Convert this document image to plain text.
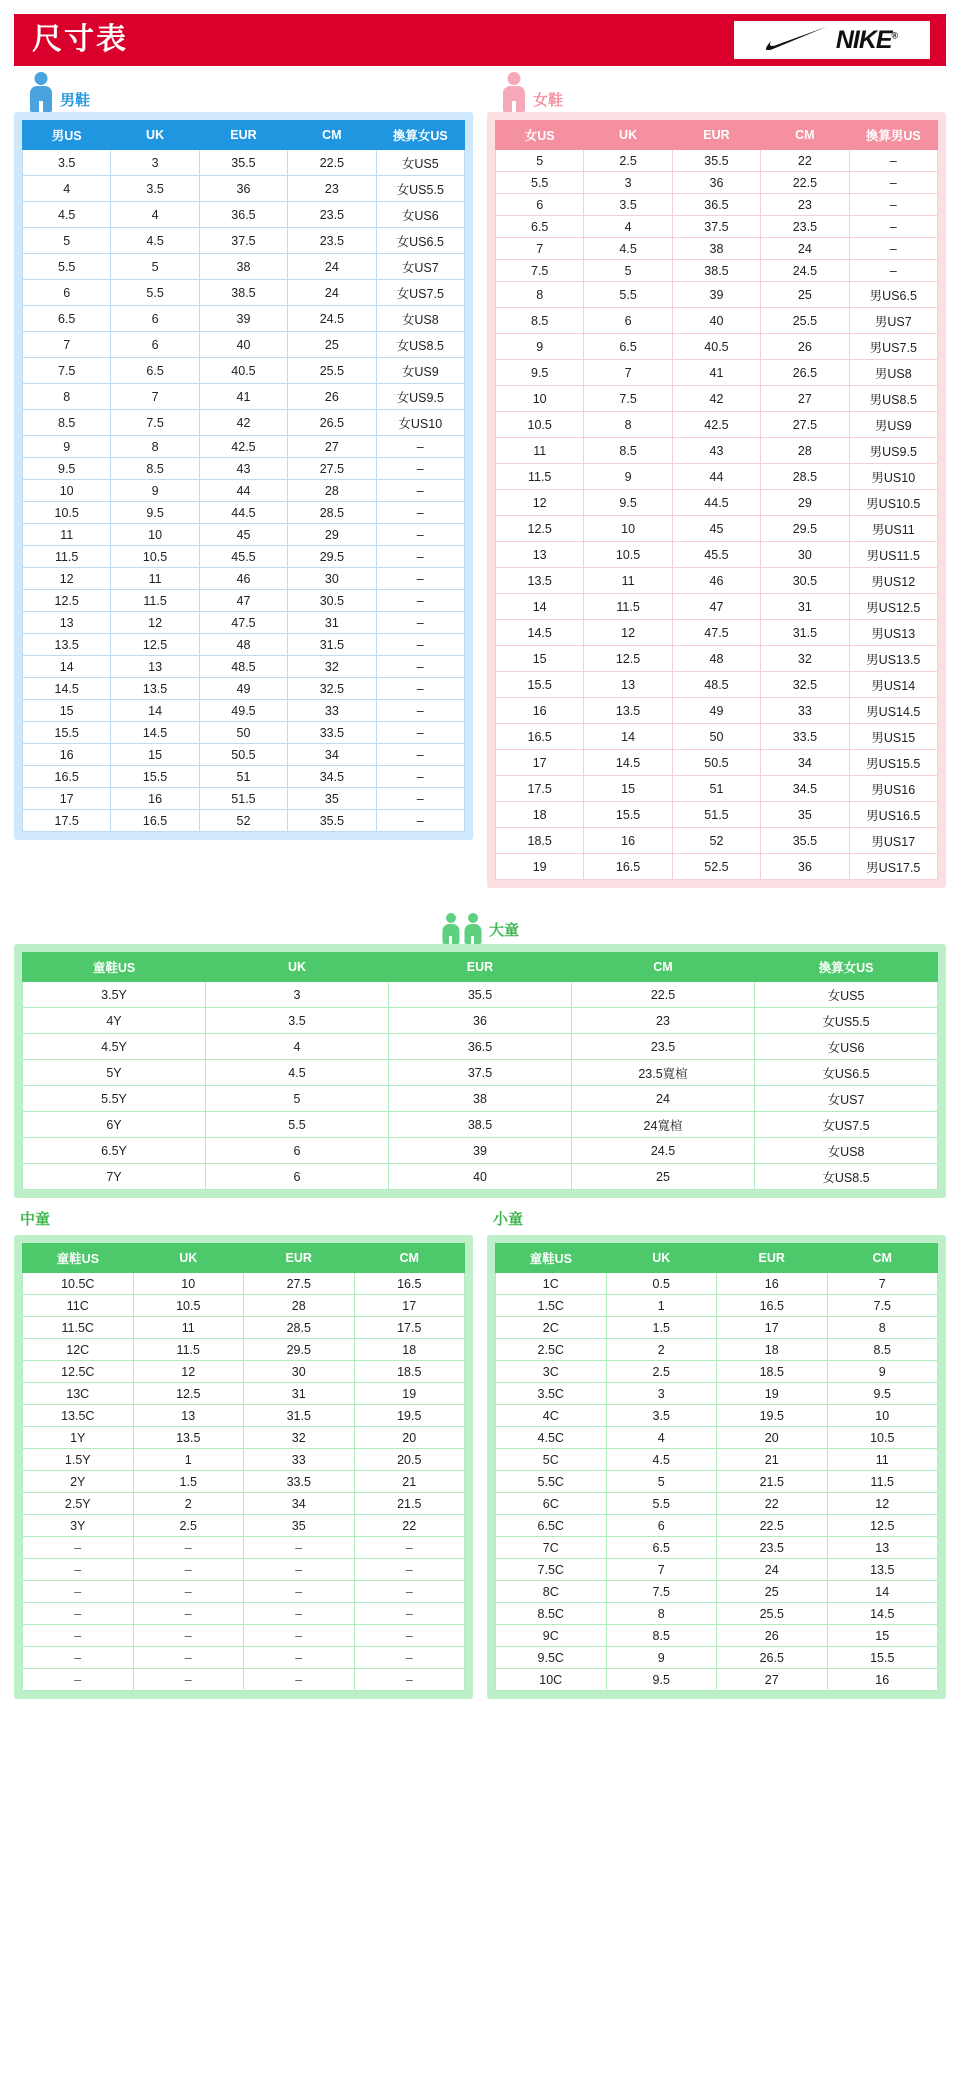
尺寸表	NIKE®
男鞋
男US	UK	EUR	CM	換算女US
3.5	3	35.5	22.5	女US5
4	3.5	36	23	女US5.5
4.5	4	36.5	23.5	女US6
5	4.5	37.5	23.5	女US6.5
5.5	5	38	24	女US7
6	5.5	38.5	24	女US7.5
6.5	6	39	24.5	女US8
7	6	40	25	女US8.5
7.5	6.5	40.5	25.5	女US9
8	7	41	26	女US9.5
8.5	7.5	42	26.5	女US10
9	8	42.5	27	–
9.5	8.5	43	27.5	–
10	9	44	28	–
10.5	9.5	44.5	28.5	–
11	10	45	29	–
11.5	10.5	45.5	29.5	–
12	11	46	30	–
12.5	11.5	47	30.5	–
13	12	47.5	31	–
13.5	12.5	48	31.5	–
14	13	48.5	32	–
14.5	13.5	49	32.5	–
15	14	49.5	33	–
15.5	14.5	50	33.5	–
16	15	50.5	34	–
16.5	15.5	51	34.5	–
17	16	51.5	35	–
17.5	16.5	52	35.5	–
女鞋
女US	UK	EUR	CM	換算男US
5	2.5	35.5	22	–
5.5	3	36	22.5	–
6	3.5	36.5	23	–
6.5	4	37.5	23.5	–
7	4.5	38	24	–
7.5	5	38.5	24.5	–
8	5.5	39	25	男US6.5
8.5	6	40	25.5	男US7
9	6.5	40.5	26	男US7.5
9.5	7	41	26.5	男US8
10	7.5	42	27	男US8.5
10.5	8	42.5	27.5	男US9
11	8.5	43	28	男US9.5
11.5	9	44	28.5	男US10
12	9.5	44.5	29	男US10.5
12.5	10	45	29.5	男US11
13	10.5	45.5	30	男US11.5
13.5	11	46	30.5	男US12
14	11.5	47	31	男US12.5
14.5	12	47.5	31.5	男US13
15	12.5	48	32	男US13.5
15.5	13	48.5	32.5	男US14
16	13.5	49	33	男US14.5
16.5	14	50	33.5	男US15
17	14.5	50.5	34	男US15.5
17.5	15	51	34.5	男US16
18	15.5	51.5	35	男US16.5
18.5	16	52	35.5	男US17
19	16.5	52.5	36	男US17.5
大童
童鞋US	UK	EUR	CM	換算女US
3.5Y	3	35.5	22.5	女US5
4Y	3.5	36	23	女US5.5
4.5Y	4	36.5	23.5	女US6
5Y	4.5	37.5	23.5寬楦	女US6.5
5.5Y	5	38	24	女US7
6Y	5.5	38.5	24寬楦	女US7.5
6.5Y	6	39	24.5	女US8
7Y	6	40	25	女US8.5
中童
童鞋US	UK	EUR	CM
10.5C	10	27.5	16.5
11C	10.5	28	17
11.5C	11	28.5	17.5
12C	11.5	29.5	18
12.5C	12	30	18.5
13C	12.5	31	19
13.5C	13	31.5	19.5
1Y	13.5	32	20
1.5Y	1	33	20.5
2Y	1.5	33.5	21
2.5Y	2	34	21.5
3Y	2.5	35	22
–	–	–	–
–	–	–	–
–	–	–	–
–	–	–	–
–	–	–	–
–	–	–	–
–	–	–	–
小童
童鞋US	UK	EUR	CM
1C	0.5	16	7
1.5C	1	16.5	7.5
2C	1.5	17	8
2.5C	2	18	8.5
3C	2.5	18.5	9
3.5C	3	19	9.5
4C	3.5	19.5	10
4.5C	4	20	10.5
5C	4.5	21	11
5.5C	5	21.5	11.5
6C	5.5	22	12
6.5C	6	22.5	12.5
7C	6.5	23.5	13
7.5C	7	24	13.5
8C	7.5	25	14
8.5C	8	25.5	14.5
9C	8.5	26	15
9.5C	9	26.5	15.5
10C	9.5	27	16
